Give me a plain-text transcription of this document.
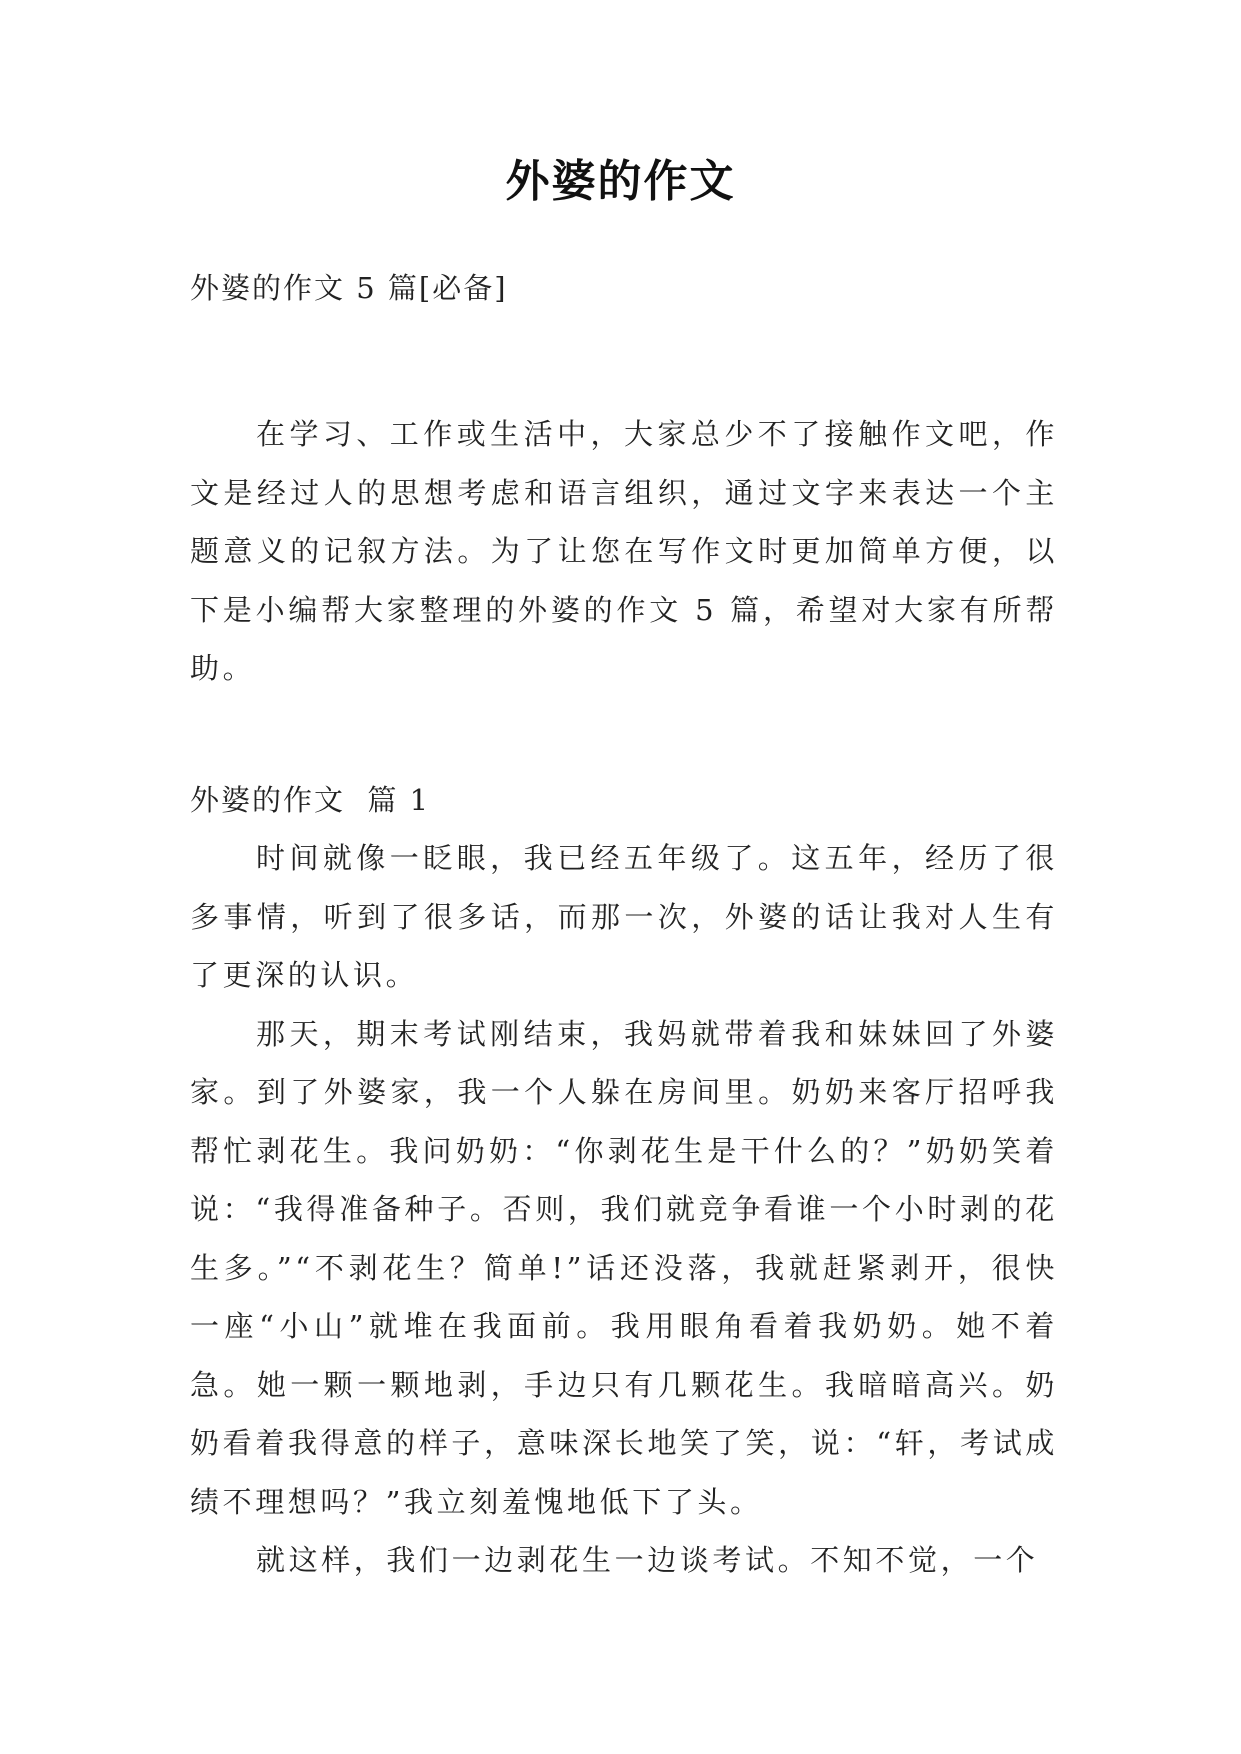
外婆的作文
外婆的作文 5 篇[必备]

在学习、工作或生活中，大家总少不了接触作文吧，作文是经过人的思想考虑和语言组织，通过文字来表达一个主题意义的记叙方法。为了让您在写作文时更加简单方便，以下是小编帮大家整理的外婆的作文 5 篇，希望对大家有所帮助。

外婆的作文  篇 1

时间就像一眨眼，我已经五年级了。这五年，经历了很多事情，听到了很多话，而那一次，外婆的话让我对人生有了更深的认识。

那天，期末考试刚结束，我妈就带着我和妹妹回了外婆家。到了外婆家，我一个人躲在房间里。奶奶来客厅招呼我帮忙剥花生。我问奶奶：“你剥花生是干什么的？”奶奶笑着说：“我得准备种子。否则，我们就竞争看谁一个小时剥的花生多。”“不剥花生？简单!”话还没落，我就赶紧剥开，很快一座“小山”就堆在我面前。我用眼角看着我奶奶。她不着急。她一颗一颗地剥，手边只有几颗花生。我暗暗高兴。奶奶看着我得意的样子，意味深长地笑了笑，说：“轩，考试成绩不理想吗？”我立刻羞愧地低下了头。

就这样，我们一边剥花生一边谈考试。不知不觉，一个
